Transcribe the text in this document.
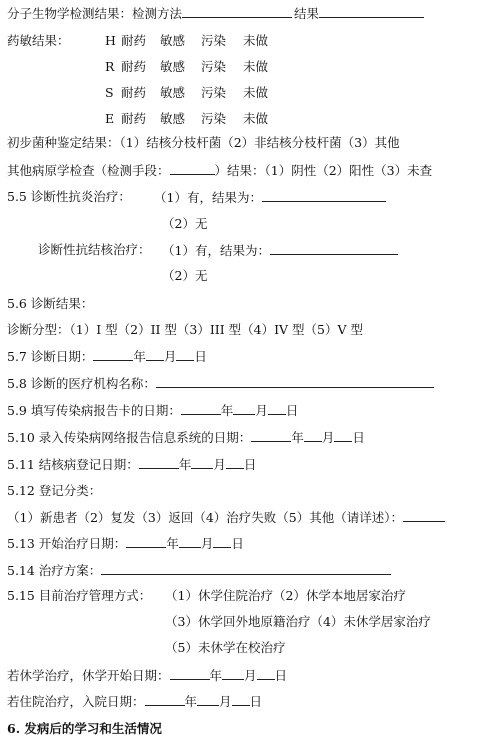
分子生物学检测结果：检测方法	结果
药敏结果：	H 耐药 敏感 污染 未做
R 耐药 敏感 污染 未做
S 耐药 敏感 污染 未做
E 耐药 敏感 污染 未做
初步菌种鉴定结果：（1）结核分枝杆菌（2）非结核分枝杆菌（3）其他
其他病原学检查（检测手段：	）结果：（1）阴性（2）阳性（3）未查
5.5 诊断性抗炎治疗： （1）有，结果为：
（2）无
诊断性抗结核治疗： （1）有，结果为：
（2）无
5.6 诊断结果：
诊断分型：（1）I 型（2）II 型（3）III 型（4）IV 型（5）V 型
5.7 诊断日期：	年 月 日
5.8 诊断的医疗机构名称：
5.9 填写传染病报告卡的日期：	年 月 日
5.10 录入传染病网络报告信息系统的日期：	年 月 日
5.11 结核病登记日期：	年 月 日
5.12 登记分类：
（1）新患者（2）复发（3）返回（4）治疗失败（5）其他（请详述）：
5.13 开始治疗日期：	年 月 日
5.14 治疗方案：
5.15 目前治疗管理方式： （1）休学住院治疗（2）休学本地居家治疗
（3）休学回外地原籍治疗（4）未休学居家治疗
（5）未休学在校治疗
若休学治疗，休学开始日期：	年 月 日
若住院治疗，入院日期：	年 月 日
6. 发病后的学习和生活情况
